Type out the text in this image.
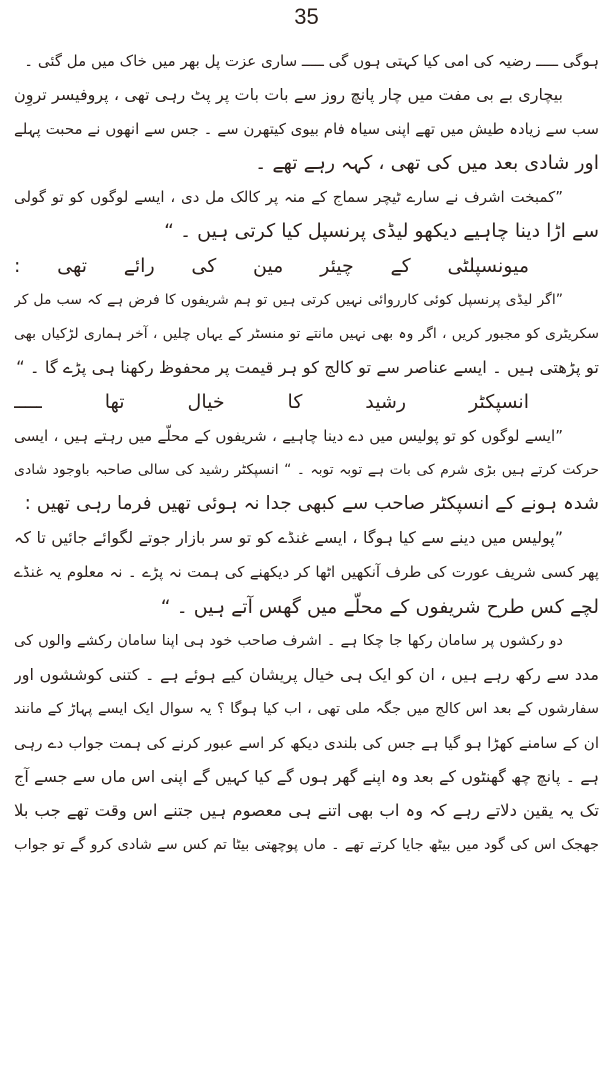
35
ہوگی ـــــ رضیہ کی امی کیا کہتی ہوں گی ـــــ ساری عزت پل بھر میں خاک میں مل گئی ۔
بیچاری بے بی مفت میں چار پانچ روز سے بات بات پر پٹ رہی تھی ، پروفیسر تروِن
سب سے زیادہ طیش میں تھے اپنی سیاہ فام بیوی کیتھرن سے ۔ جس سے انھوں نے محبت پہلے
اور شادی بعد میں کی تھی ، کہہ رہے تھے ۔
”کمبخت اشرف نے سارے ٹیچر سماج کے منہ پر کالک مل دی ، ایسے لوگوں کو تو گولی
سے اڑا دینا چاہیے دیکھو لیڈی پرنسپل کیا کرتی ہیں ۔ “
میونسپلٹی کے چیئر مین کی رائے تھی :
”اگر لیڈی پرنسپل کوئی کارروائی نہیں کرتی ہیں تو ہم شریفوں کا فرض ہے کہ سب مل کر
سکریٹری کو مجبور کریں ، اگر وہ بھی نہیں مانتے تو منسٹر کے یہاں چلیں ، آخر ہماری لڑکیاں بھی
تو پڑھتی ہیں ۔ ایسے عناصر سے تو کالج کو ہر قیمت پر محفوظ رکھنا ہی پڑے گا ۔ “
انسپکٹر رشید کا خیال تھا ـــــ
”ایسے لوگوں کو تو پولیس میں دے دینا چاہیے ، شریفوں کے محلّے میں رہتے ہیں ، ایسی
حرکت کرتے ہیں بڑی شرم کی بات ہے توبہ توبہ ۔ “ انسپکٹر رشید کی سالی صاحبہ باوجود شادی
شدہ ہونے کے انسپکٹر صاحب سے کبھی جدا نہ ہوئی تھیں فرما رہی تھیں :
”پولیس میں دینے سے کیا ہوگا ، ایسے غنڈے کو تو سر بازار جوتے لگوائے جائیں تا کہ
پھر کسی شریف عورت کی طرف آنکھیں اٹھا کر دیکھنے کی ہمت نہ پڑے ۔ نہ معلوم یہ غنڈے
لچے کس طرح شریفوں کے محلّے میں گھس آتے ہیں ۔ “
دو رکشوں پر سامان رکھا جا چکا ہے ۔ اشرف صاحب خود ہی اپنا سامان رکشے والوں کی
مدد سے رکھ رہے ہیں ، ان کو ایک ہی خیال پریشان کیے ہوئے ہے ۔ کتنی کوششوں اور
سفارشوں کے بعد اس کالج میں جگہ ملی تھی ، اب کیا ہوگا ؟ یہ سوال ایک ایسے پہاڑ کے مانند
ان کے سامنے کھڑا ہو گیا ہے جس کی بلندی دیکھ کر اسے عبور کرنے کی ہمت جواب دے رہی
ہے ۔ پانچ چھ گھنٹوں کے بعد وہ اپنے گھر ہوں گے کیا کہیں گے اپنی اس ماں سے جسے آج
تک یہ یقین دلاتے رہے کہ وہ اب بھی اتنے ہی معصوم ہیں جتنے اس وقت تھے جب بلا
جھجک اس کی گود میں بیٹھ جایا کرتے تھے ۔ ماں پوچھتی بیٹا تم کس سے شادی کرو گے تو جواب
